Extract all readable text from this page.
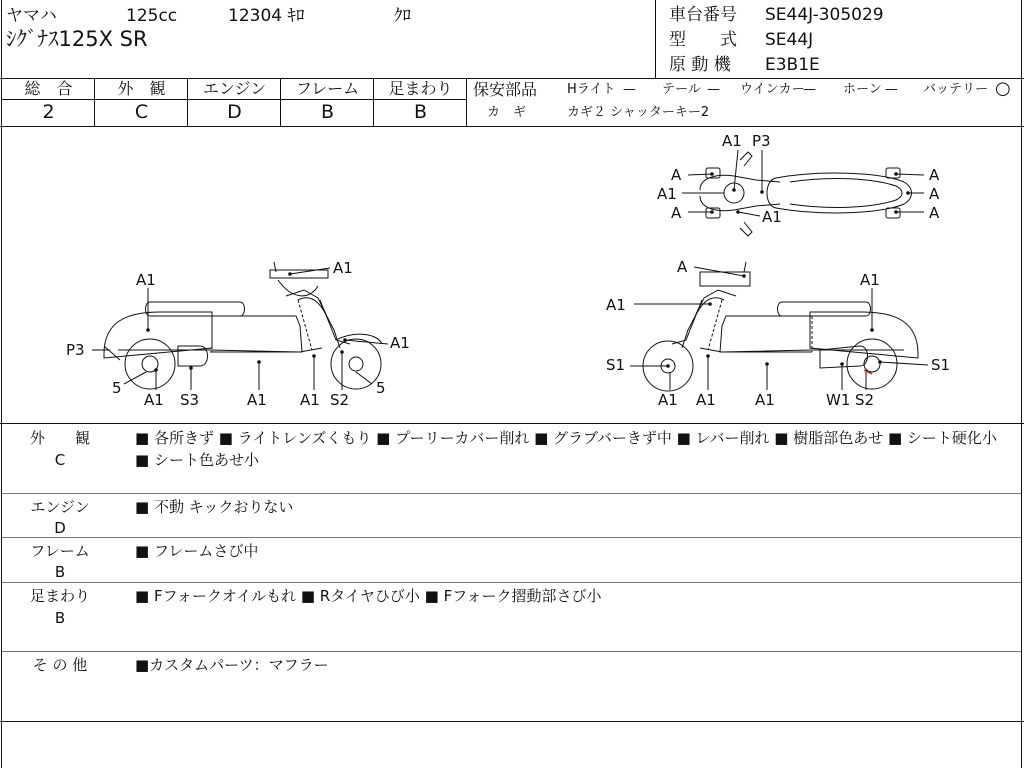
ヤマハ	125cc	12304 ｷﾛ	ｸﾛ
ｼｸﾞﾅｽ125X SR
車台番号 SE44J-305029
型　　式 SE44J
原 動 機 E3B1E
総　合
2
外　観
C
エンジン
D
フレーム
B
足まわり
B
保安部品 Hライト — テール — ウインカー
— ホーン — バッテリー ○
カ　ギ	カギ２ シャッターキー2
A1
P3
5
A1 S3	A1 A1 S2
A1
5
A1	A
A1
A1
S1
A1 A1	A1	W1 S2
S1
A1 P3
A
A1
A	A1
A
A
A
外　　観
C
■ 各所きず ■ ライトレンズくもり ■ プーリーカバー削れ ■ グラブバーきず中 ■ レバー削れ ■ 樹脂部色あせ ■ シート硬化小 ■ シート色あせ小
エンジン
D
■ 不動 キックおりない
フレーム
B
■ フレームさび中
足まわり
B
■ Fフォークオイルもれ ■ Rタイヤひび小 ■ Fフォーク摺動部さび小
そ の 他	■カスタムパーツ：マフラー
